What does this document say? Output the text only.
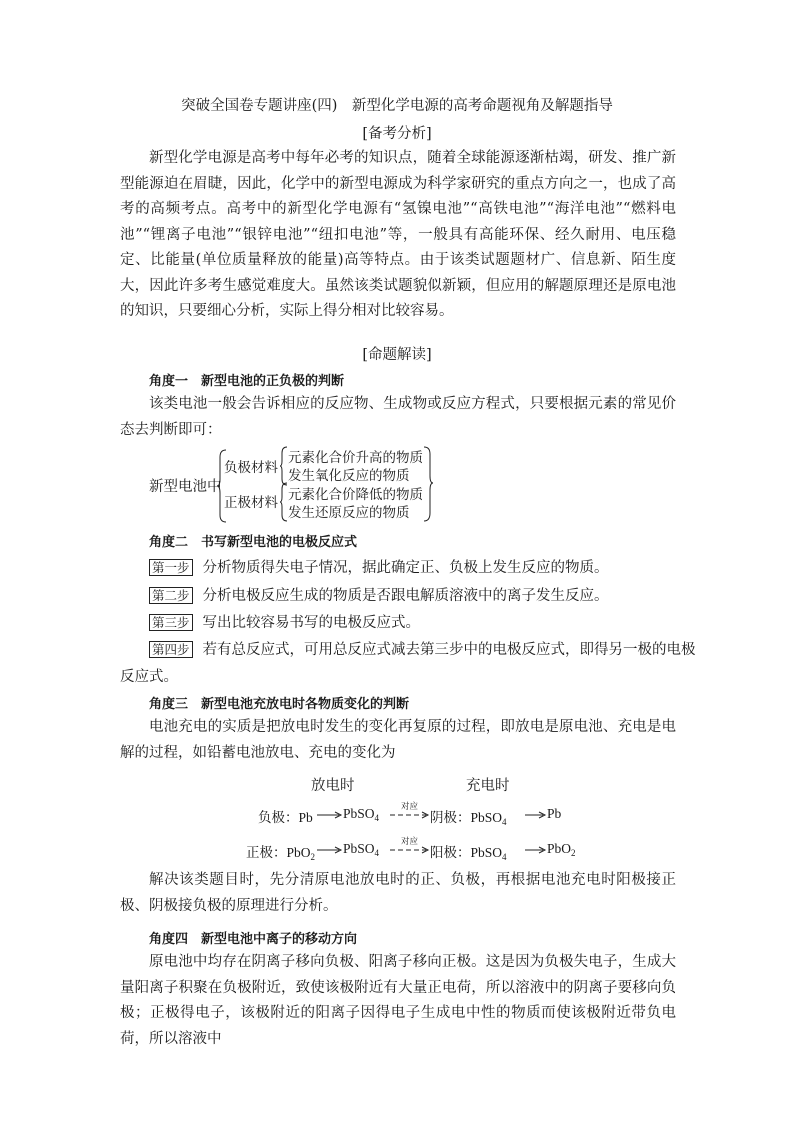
突破全国卷专题讲座(四)　新型化学电源的高考命题视角及解题指导
[备考分析]

新型化学电源是高考中每年必考的知识点，随着全球能源逐渐枯竭，研发、推广新型能源迫在眉睫，因此，化学中的新型电源成为科学家研究的重点方向之一，也成了高考的高频考点。高考中的新型化学电源有“氢镍电池”“高铁电池”“海洋电池”“燃料电池”“锂离子电池”“银锌电池”“纽扣电池”等，一般具有高能环保、经久耐用、电压稳定、比能量(单位质量释放的能量)高等特点。由于该类试题题材广、信息新、陌生度大，因此许多考生感觉难度大。虽然该类试题貌似新颖，但应用的解题原理还是原电池的知识，只要细心分析，实际上得分相对比较容易。

[命题解读]
角度一　新型电池的正负极的判断

该类电池一般会告诉相应的反应物、生成物或反应方程式，只要根据元素的常见价态去判断即可：

新型电池中
负极材料
正极材料
元素化合价升高的物质
发生氧化反应的物质
元素化合价降低的物质
发生还原反应的物质
角度二　书写新型电池的电极反应式
第一步 分析物质得失电子情况，据此确定正、负极上发生反应的物质。
第二步 分析电极反应生成的物质是否跟电解质溶液中的离子发生反应。
第三步 写出比较容易书写的电极反应式。
第四步 若有总反应式，可用总反应式减去第三步中的电极反应式，即得另一极的电极
反应式。
角度三　新型电池充放电时各物质变化的判断

电池充电的实质是把放电时发生的变化再复原的过程，即放电是原电池、充电是电解的过程，如铅蓄电池放电、充电的变化为

放电时	充电时
负极：Pb PbSO$_4$
对应
阴极：PbSO$_4$
Pb
正极：PbO$_2$
PbSO$_4$
对应
阳极：PbSO$_4$
PbO$_2$

解决该类题目时，先分清原电池放电时的正、负极，再根据电池充电时阳极接正极、阴极接负极的原理进行分析。

角度四　新型电池中离子的移动方向

原电池中均存在阴离子移向负极、阳离子移向正极。这是因为负极失电子，生成大量阳离子积聚在负极附近，致使该极附近有大量正电荷，所以溶液中的阴离子要移向负极；正极得电子，该极附近的阳离子因得电子生成电中性的物质而使该极附近带负电荷，所以溶液中
